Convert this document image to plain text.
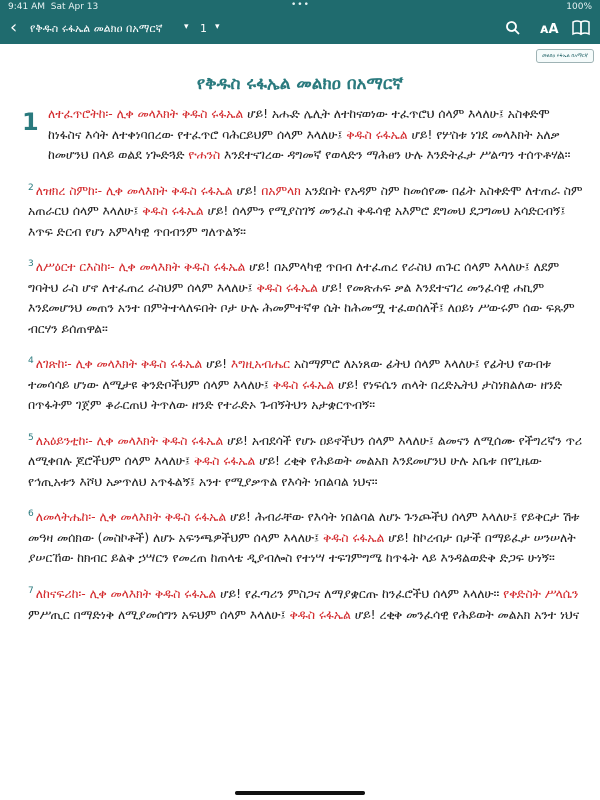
9:41 AM Sat Apr 13	•••	100%
‹ የቅዱስ ሩፋኤል መልክዐ በአማርኛ ▾ 1 ▾	ᴀA
መልክዐ ሩፋኤል በአማርኛ
የቅዱስ ሩፋኤል መልክዐ በአማርኛ

1 ለተፈጥሮትከ፡- ሊቀ መላእክት ቅዱስ ሩፋኤል ሆይ! አሑድ ሌሊት ለተከናወነው ተፈጥሮህ ሰላም እላለሁ፤ አስቀድሞ ከነፋስና እሳት ለተቀነባበረው የተፈጥሮ ባሕርይህም ሰላም እላለሁ፤ ቅዱስ ሩፋኤል ሆይ! የሦስቱ ነገደ መላእክት አለቃ ከመሆንህ በላይ ወልደ ነጐድጓድ ዮሐንስ እንደተናገረው ዳግመኛ የወላድን ማሕፀን ሁሉ እንድትፈታ ሥልጣን ተሰጥቶሃል።

$^2$ ለዝክረ ስምከ፡- ሊቀ መላእክት ቅዱስ ሩፋኤል ሆይ! በአምላክ አንደበት የአዳም ስም ከመሰየሙ በፊት አስቀድሞ ለተጠራ ስም አጠራርህ ሰላም እላለሁ፤ ቅዱስ ሩፋኤል ሆይ! ሰላምን የሚያስገኝ መንፈስ ቅዱሳዊ አእምሮ ደግመህ ደጋግመህ አሳድርብኝ፤ እጥፍ ድርብ የሆነ አምላካዊ ጥበብንም ግለጥልኝ።

$^3$ ለሥዕርተ ርእስከ፡- ሊቀ መላእክት ቅዱስ ሩፋኤል ሆይ! በአምላካዊ ጥበብ ለተፈጠረ የራስህ ጠጉር ሰላም እላለሁ፤ ለደም ግባትህ ራስ ሆኖ ለተፈጠረ ራስህም ሰላም እላለሁ፤ ቅዱስ ሩፋኤል ሆይ! የመጽሐፍ ቃል እንደተናገረ መንፈሳዊ ሐኪም እንደመሆንህ መጠን አንተ በምትተላለፍበት ቦታ ሁሉ ሕመምተኛዋ ሴት ከሕመሟ ተፈወሰለች፤ ለዐይነ ሥውሩም ሰው ፍጹም ብርሃን ይሰጠዋል።

$^4$ ለገጽከ፡- ሊቀ መላእክት ቅዱስ ሩፋኤል ሆይ! እግዚአብሔር አስማምሮ ለአነጸው ፊትህ ሰላም እላለሁ፤ የፊትህ የውበቱ ተመሳሳይ ሆነው ለሚታዩ ቅንድቦችህም ሰላም እላለሁ፤ ቅዱስ ሩፋኤል ሆይ! የነፍሴን ጠላት በረድኤትህ ታስነክልለው ዘንድ በጥፋትም ገጀም ቆራርጠህ ትጥለው ዘንድ የተራድኦ ጉብኝትህን አታቋርጥብኝ።

$^5$ ለአዕይንቲከ፡- ሊቀ መላእክት ቅዱስ ሩፋኤል ሆይ! አብደሳች የሆኑ ዐይኖችህን ሰላም እላለሁ፤ ልመናን ለሚሰሙ የችግረኛን ጥሪ ለሚቀበሉ ጆሮችህም ሰላም እላለሁ፤ ቅዱስ ሩፋኤል ሆይ! ረቂቅ የሕይወት መልአክ እንደመሆንህ ሁሉ አቤቱ በየጊዜው የኅጢአቱን እሾህ አቃጥለህ አጥፋልኝ፤ አንተ የሚያቃጥል የእሳት ነበልባል ነህና።

$^6$ ለመላትሔከ፡- ሊቀ መላእክት ቅዱስ ሩፋኤል ሆይ! ሕብራቸው የእሳት ነበልባል ለሆኑ ጉንጮችህ ሰላም እላለሁ፤ የይቅርታ ሽቱ መዓዛ መሰክው (መስኮቶች) ለሆኑ አፍንጫዎችህም ሰላም እላለሁ፤ ቅዱስ ሩፋኤል ሆይ! ከኮረብታ በታች በማይፈታ ሠንሠለት ያሠርኸው ከክብር ይልቅ ኃሣርን የመረጠ ከጠላቴ ዲያብሎስ የተነሣ ተፍገምግሜ ከጥፋት ላይ እንዳልወድቅ ድጋፍ ሁነኝ።

$^7$ ለከናፍሪከ፡- ሊቀ መላእክት ቅዱስ ሩፋኤል ሆይ! የፈጣሪን ምስጋና ለማያቋርጡ ከንፈሮችህ ሰላም እላለሁ። የቀድስት ሥላሴን ምሥጢር በማድነቅ ለሚያመሰግን አፍህም ሰላም እላለሁ፤ ቅዱስ ሩፋኤል ሆይ! ረቂቅ መንፈሳዊ የሕይወት መልአክ አንተ ነህና
